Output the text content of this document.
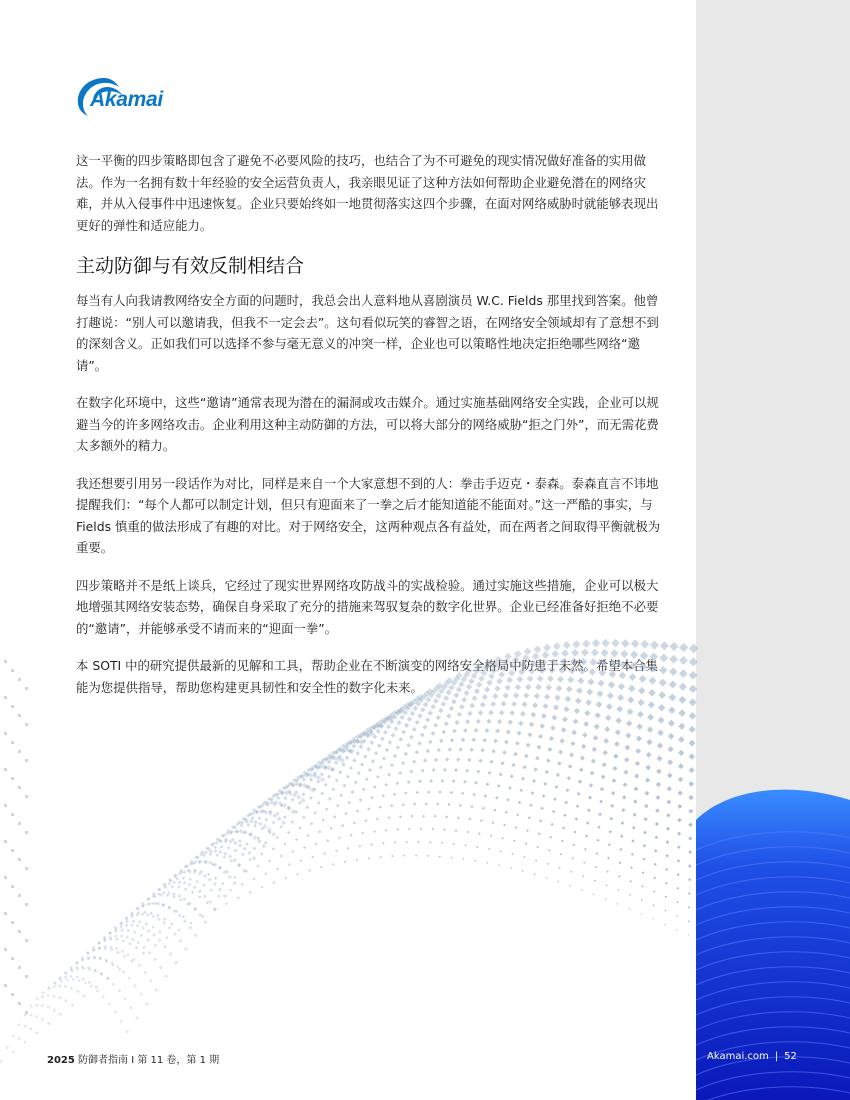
Akamai

这一平衡的四步策略即包含了避免不必要风险的技巧，也结合了为不可避免的现实情况做好准备的实用做法。作为一名拥有数十年经验的安全运营负责人，我亲眼见证了这种方法如何帮助企业避免潜在的网络灾难，并从入侵事件中迅速恢复。企业只要始终如一地贯彻落实这四个步骤，在面对网络威胁时就能够表现出更好的弹性和适应能力。

主动防御与有效反制相结合

每当有人向我请教网络安全方面的问题时，我总会出人意料地从喜剧演员 W.C. Fields 那里找到答案。他曾打趣说：“别人可以邀请我，但我不一定会去”。这句看似玩笑的睿智之语，在网络安全领域却有了意想不到的深刻含义。正如我们可以选择不参与毫无意义的冲突一样，企业也可以策略性地决定拒绝哪些网络“邀请”。

在数字化环境中，这些“邀请”通常表现为潜在的漏洞或攻击媒介。通过实施基础网络安全实践，企业可以规避当今的许多网络攻击。企业利用这种主动防御的方法，可以将大部分的网络威胁“拒之门外”，而无需花费太多额外的精力。

我还想要引用另一段话作为对比，同样是来自一个大家意想不到的人：拳击手迈克・泰森。泰森直言不讳地提醒我们：“每个人都可以制定计划，但只有迎面来了一拳之后才能知道能不能面对。”这一严酷的事实，与 Fields 慎重的做法形成了有趣的对比。对于网络安全，这两种观点各有益处，而在两者之间取得平衡就极为重要。

四步策略并不是纸上谈兵，它经过了现实世界网络攻防战斗的实战检验。通过实施这些措施，企业可以极大地增强其网络安装态势，确保自身采取了充分的措施来驾驭复杂的数字化世界。企业已经准备好拒绝不必要的“邀请”，并能够承受不请而来的“迎面一拳”。

本 SOTI 中的研究提供最新的见解和工具，帮助企业在不断演变的网络安全格局中防患于未然。希望本合集能为您提供指导，帮助您构建更具韧性和安全性的数字化未来。

2025 防御者指南 I 第 11 卷，第 1 期	Akamai.com | 52
